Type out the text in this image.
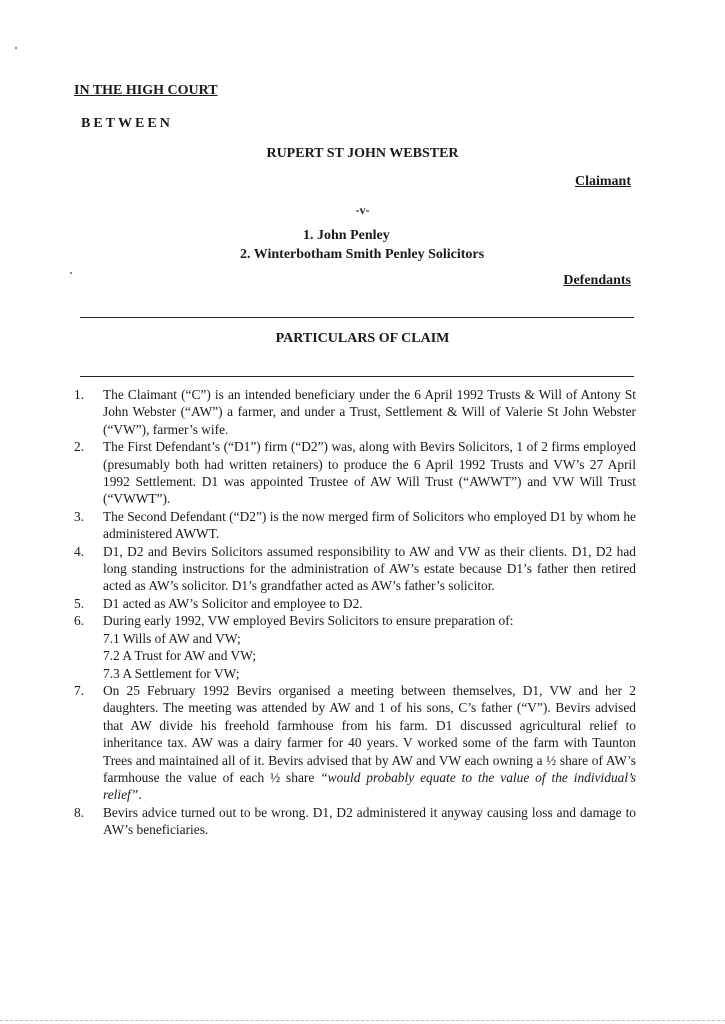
IN THE HIGH COURT
BETWEEN
RUPERT ST JOHN WEBSTER
Claimant
-v-
1. John Penley
2. Winterbotham Smith Penley Solicitors
Defendants
PARTICULARS OF CLAIM
1.	The Claimant (“C”) is an intended beneficiary under the 6 April 1992 Trusts & Will of Antony St John Webster (“AW”) a farmer, and under a Trust, Settlement & Will of Valerie St John Webster (“VW”), farmer’s wife.
2.	The First Defendant’s (“D1”) firm (“D2”) was, along with Bevirs Solicitors, 1 of 2 firms employed (presumably both had written retainers) to produce the 6 April 1992 Trusts and VW’s 27 April 1992 Settlement. D1 was appointed Trustee of AW Will Trust (“AWWT”) and VW Will Trust (“VWWT”).
3.	The Second Defendant (“D2”) is the now merged firm of Solicitors who employed D1 by whom he administered AWWT.
4.	D1, D2 and Bevirs Solicitors assumed responsibility to AW and VW as their clients. D1, D2 had long standing instructions for the administration of AW’s estate because D1’s father then retired acted as AW’s solicitor. D1’s grandfather acted as AW’s father’s solicitor.
5.	D1 acted as AW’s Solicitor and employee to D2.
6.	During early 1992, VW employed Bevirs Solicitors to ensure preparation of:
7.1 Wills of AW and VW;
7.2 A Trust for AW and VW;
7.3 A Settlement for VW;
7.	On 25 February 1992 Bevirs organised a meeting between themselves, D1, VW and her 2 daughters. The meeting was attended by AW and 1 of his sons, C’s father (“V”). Bevirs advised that AW divide his freehold farmhouse from his farm. D1 discussed agricultural relief to inheritance tax. AW was a dairy farmer for 40 years. V worked some of the farm with Taunton Trees and maintained all of it. Bevirs advised that by AW and VW each owning a ½ share of AW’s farmhouse the value of each ½ share “would probably equate to the value of the individual’s relief”.
8.	Bevirs advice turned out to be wrong. D1, D2 administered it anyway causing loss and damage to AW’s beneficiaries.
